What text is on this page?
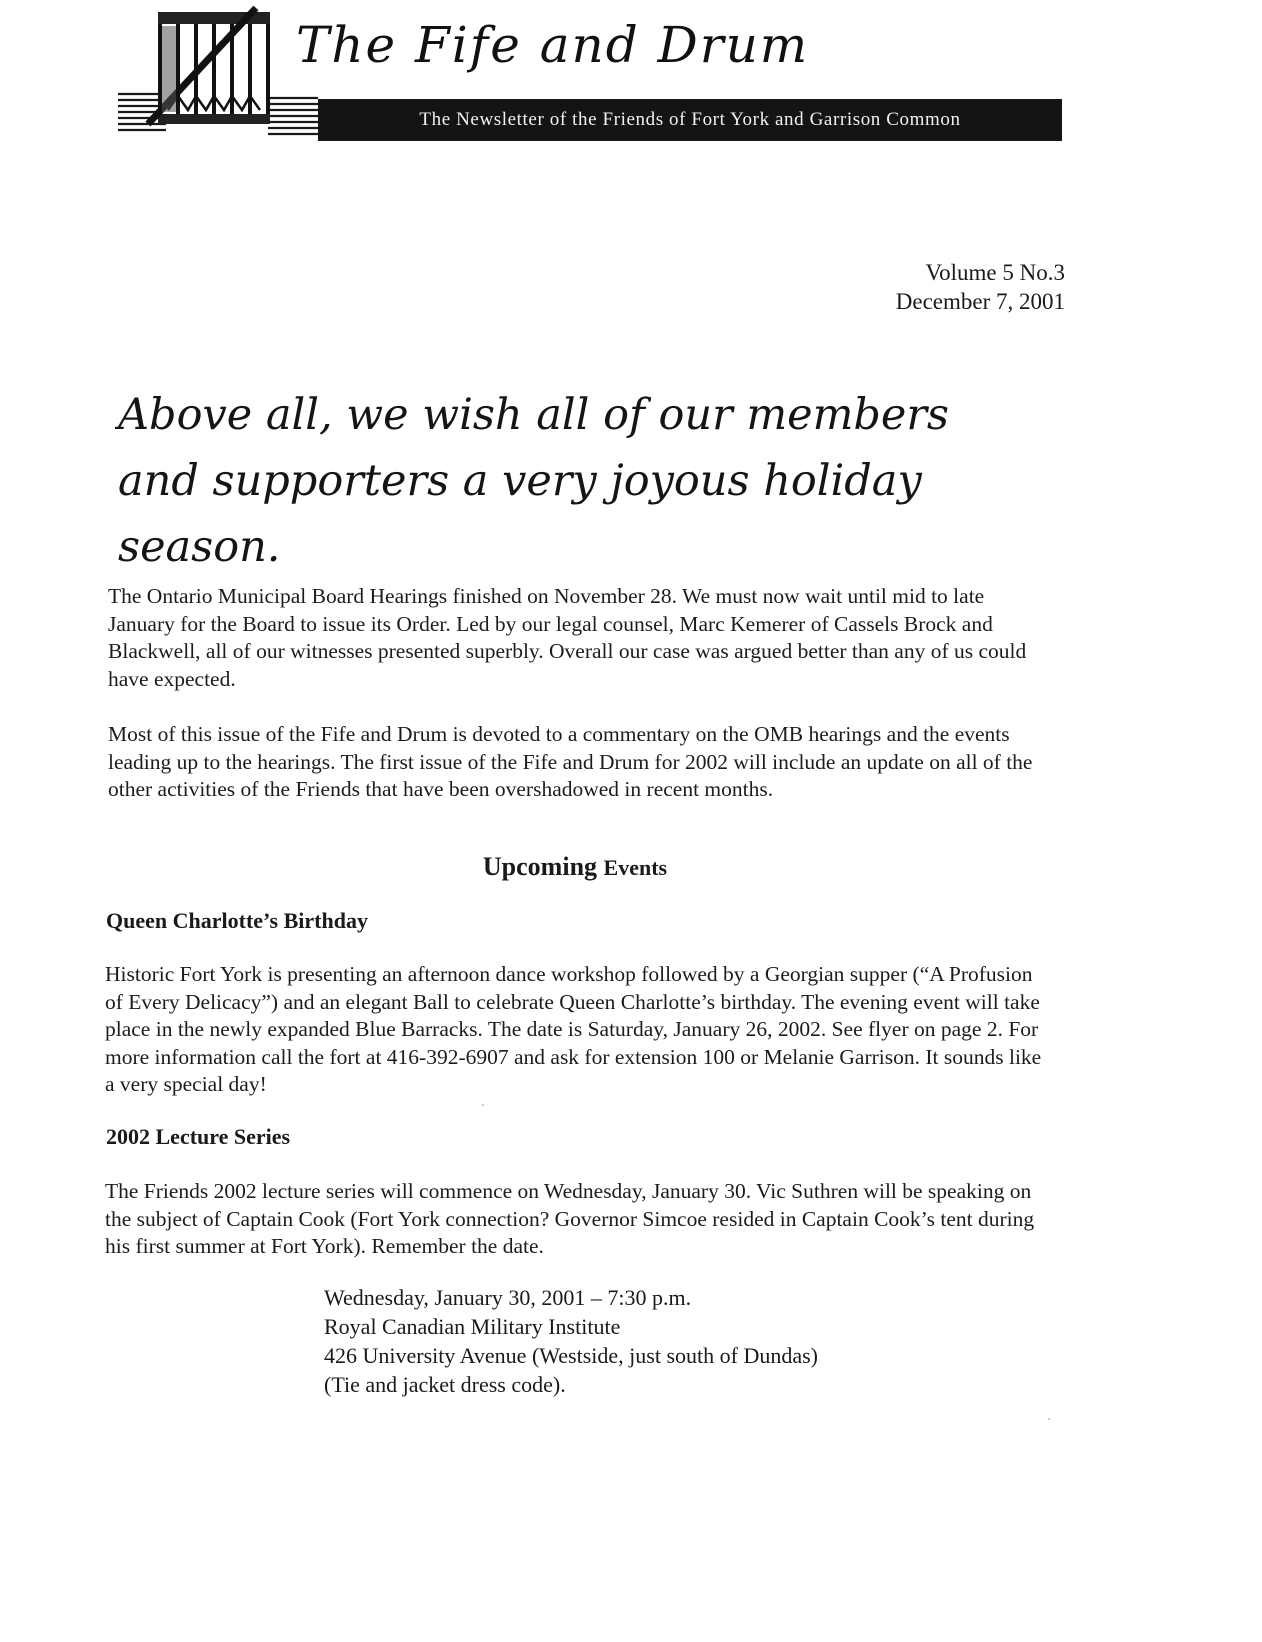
The Fife and Drum
The Newsletter of the Friends of Fort York and Garrison Common
Volume 5 No.3
December 7, 2001
Above all, we wish all of our members and supporters a very joyous holiday season.
The Ontario Municipal Board Hearings finished on November 28. We must now wait until mid to late January for the Board to issue its Order. Led by our legal counsel, Marc Kemerer of Cassels Brock and Blackwell, all of our witnesses presented superbly. Overall our case was argued better than any of us could have expected.
Most of this issue of the Fife and Drum is devoted to a commentary on the OMB hearings and the events leading up to the hearings. The first issue of the Fife and Drum for 2002 will include an update on all of the other activities of the Friends that have been overshadowed in recent months.
Upcoming Events
Queen Charlotte’s Birthday
Historic Fort York is presenting an afternoon dance workshop followed by a Georgian supper (“A Profusion of Every Delicacy”) and an elegant Ball to celebrate Queen Charlotte’s birthday. The evening event will take place in the newly expanded Blue Barracks. The date is Saturday, January 26, 2002. See flyer on page 2. For more information call the fort at 416-392-6907 and ask for extension 100 or Melanie Garrison. It sounds like a very special day!
2002 Lecture Series
The Friends 2002 lecture series will commence on Wednesday, January 30. Vic Suthren will be speaking on the subject of Captain Cook (Fort York connection? Governor Simcoe resided in Captain Cook’s tent during his first summer at Fort York). Remember the date.
Wednesday, January 30, 2001 – 7:30 p.m.
Royal Canadian Military Institute
426 University Avenue (Westside, just south of Dundas)
(Tie and jacket dress code).
